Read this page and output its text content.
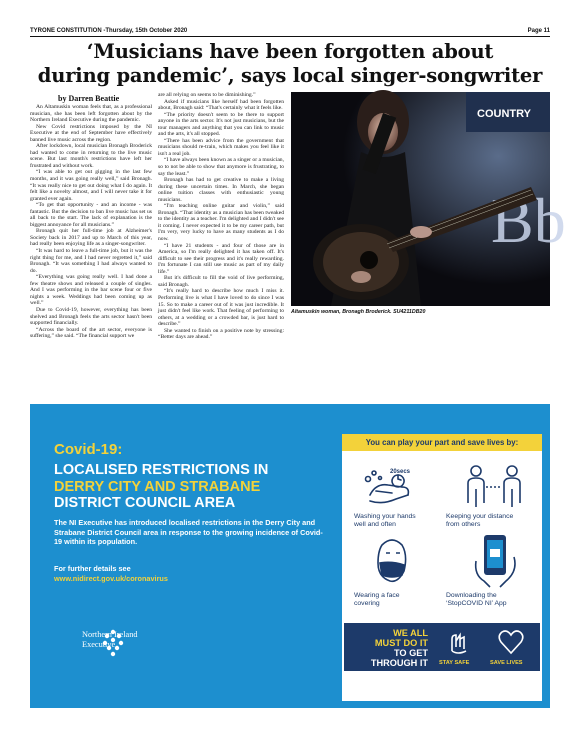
TYRONE CONSTITUTION -Thursday, 15th October 2020	Page 11
‘Musicians have been forgotten about
during pandemic’, says local singer-songwriter
by Darren Beattie

An Altamuskin woman feels that, as a professional musician, she has been left forgotten about by the Northern Ireland Executive during the pandemic.

New Covid restrictions imposed by the NI Executive at the end of September have effectively banned live music across the region.

After lockdown, local musician Bronagh Broderick had wanted to come in returning to the live music scene. But last month's restrictions have left her frustrated and without work.

“I was able to get out gigging in the last few months, and it was going really well,” said Bronagh. “It was really nice to get out doing what I do again. It felt like a novelty almost, and I will never take it for granted ever again.

“To get that opportunity - and an income - was fantastic. But the decision to ban live music has set us all back to the start. The lack of explanation is the biggest annoyance for all musicians.”

Bronagh quit her full-time job at Alzheimer's Society back in 2017 and up to March of this year, had really been enjoying life as a singer-songwriter.

“It was hard to leave a full-time job, but it was the right thing for me, and I had never regretted it,” said Bronagh. “It was something I had always wanted to do.

“Everything was going really well. I had done a few theatre shows and released a couple of singles. And I was performing in the bar scene four or five nights a week. Weddings had been coming up as well.”

Due to Covid-19, however, everything has been shelved and Bronagh feels the arts sector hasn't been supported financially.

“Across the board of the art sector, everyone is suffering,” she said. “The financial support we

are all relying on seems to be diminishing.”

Asked if musicians like herself had been forgotten about, Bronagh said: “That's certainly what it feels like.

“The priority doesn't seem to be there to support anyone in the arts sector. It's not just musicians, but the tour managers and anything that you can link to music and the arts, it's all stopped.

“There has been advice from the government that musicians should re-train, which makes you feel like it isn't a real job.

“I have always been known as a singer or a musician, so to not be able to show that anymore is frustrating, to say the least.”

Bronagh has had to get creative to make a living during these uncertain times. In March, she began online tuition classes with enthusiastic young musicians.

“I'm teaching online guitar and violin,” said Bronagh. “That identity as a musician has been tweaked to the identity as a teacher. I'm delighted and I didn't see it coming. I never expected it to be my career path, but I'm very, very lucky to have as many students as I do now.

“I have 21 students - and four of those are in America, so I'm really delighted it has taken off. It's difficult to see their progress and it's really rewarding. I'm fortunate I can still use music as part of my daily life.”

But it's difficult to fill the void of live performing, said Bronagh.

“It's really hard to describe how much I miss it. Performing live is what I have loved to do since I was 15. So to make a career out of it was just incredible. It just didn't feel like work. That feeling of performing to others, at a wedding or a crowded bar, is just hard to describe.”

She wanted to finish on a positive note by stressing: “Better days are ahead.”

COUNTRY
Bb
Altamuskin woman, Bronagh Broderick. SU4211DB20
Covid-19:
LOCALISED RESTRICTIONS IN
DERRY CITY AND STRABANE
DISTRICT COUNCIL AREA
The NI Executive has introduced localised restrictions in the Derry City and Strabane District Council area in response to the growing incidence of Covid-19 within its population.
For further details see
www.nidirect.gov.uk/coronavirus
Northern Ireland
Executive
You can play your part and save lives by:
20secs
Washing your hands
well and often
Keeping your distance
from others
Wearing a face
covering
Downloading the
‘StopCOVID NI’ App
WE ALL
MUST DO IT
TO GET
THROUGH IT STAY SAFE	SAVE LIVES
